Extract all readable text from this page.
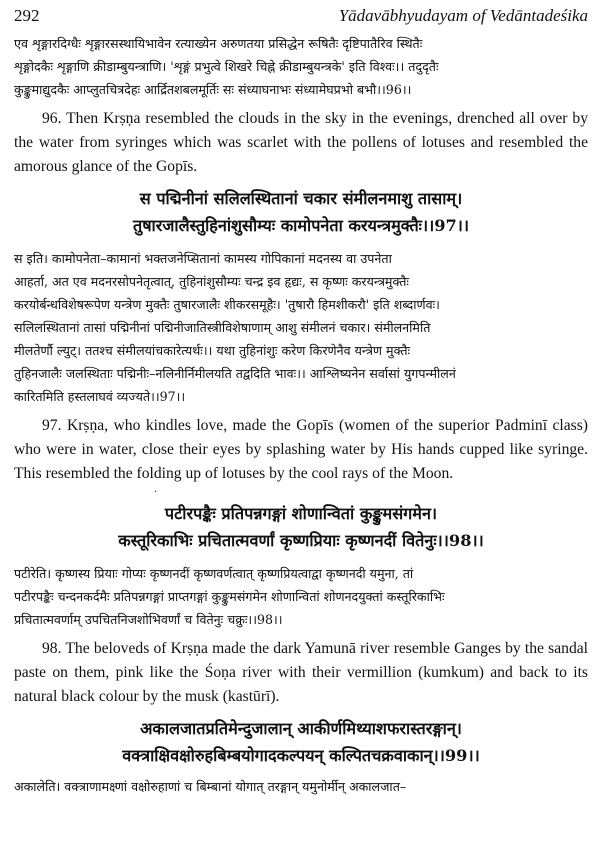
292	Yādavābhyudayam of Vedāntadeśika
एव शृङ्गारदिग्धैः शृङ्गारसस्थायिभावेन रत्याख्येन अरुणतया प्रसिद्धेन रूषितैः दृष्टिपातैरिव स्थितैः
शृङ्गोदकैः शृङ्गाणि क्रीडाम्बुयन्त्राणि। 'शृङ्गं प्रभुत्वे शिखरे चिह्ने क्रीडाम्बुयन्त्रके' इति विश्वः।। तदुदृतैः
कुङ्कुमाद्युदकैः आप्लुतचित्रदेहः आर्द्रितशबलमूर्तिः सः संध्याघनाभः संध्यामेघप्रभो बभौ।।96।।

96. Then Krṣṇa resembled the clouds in the sky in the evenings, drenched all over by the water from syringes which was scarlet with the pollens of lotuses and resembled the amorous glance of the Gopīs.

स पद्मिनीनां सलिलस्थितानां चकार संमीलनमाशु तासाम्।
तुषारजालैस्तुहिनांशुसौम्यः कामोपनेता करयन्त्रमुक्तैः।।97।।
स इति। कामोपनेता–कामानां भक्तजनेप्सितानां कामस्य गोपिकानां मदनस्य वा उपनेता
आहर्ता, अत एव मदनरसोपनेतृत्वात्, तुहिनांशुसौम्यः चन्द्र इव हृद्यः, स कृष्णः करयन्त्रमुक्तैः
करयोर्बन्धविशेषरूपेण यन्त्रेण मुक्तैः तुषारजालैः शीकरसमूहैः। 'तुषारौ हिमशीकरौ' इति शब्दार्णवः।
सलिलस्थितानां तासां पद्मिनीनां पद्मिनीजातिस्त्रीविशेषाणाम् आशु संमीलनं चकार। संमीलनमिति
मीलतेर्णौ ल्युट्। ततश्च संमीलयांचकारेत्यर्थः।। यथा तुहिनांशुः करेण किरणेनैव यन्त्रेण मुक्तैः
तुहिनजालैः जलस्थिताः पद्मिनीः–नलिनीर्निमीलयति तद्वदिति भावः।। आश्लिष्यनेन सर्वासां युगपन्मीलनं
कारितमिति हस्तलाघवं व्यज्यते।।97।।

97. Krṣṇa, who kindles love, made the Gopīs (women of the superior Padminī class) who were in water, close their eyes by splashing water by His hands cupped like syringe. This resembled the folding up of lotuses by the cool rays of the Moon.

·
पटीरपङ्कैः प्रतिपन्नगङ्गां शोणान्वितां कुङ्कुमसंगमेन।
कस्तूरिकाभिः प्रचितात्मवर्णां कृष्णप्रियाः कृष्णनदीं वितेनुः।।98।।
पटीरेति। कृष्णस्य प्रियाः गोप्यः कृष्णनदीं कृष्णवर्णत्वात् कृष्णप्रियत्वाद्वा कृष्णनदी यमुना, तां
पटीरपङ्कैः चन्दनकर्दमैः प्रतिपन्नगङ्गां प्राप्तगङ्गां कुङ्कुमसंगमेन शोणान्वितां शोणनदयुक्तां कस्तूरिकाभिः
प्रचितात्मवर्णाम् उपचितनिजशोभिवर्णां च वितेनुः चक्रुः।।98।।

98. The beloveds of Krṣṇa made the dark Yamunā river resemble Ganges by the sandal paste on them, pink like the Śoṇa river with their vermillion (kumkum) and back to its natural black colour by the musk (kastūrī).

अकालजातप्रतिमेन्दुजालान् आकीर्णमिथ्याशफरास्तरङ्गान्।
वक्त्राक्षिवक्षोरुहबिम्बयोगादकल्पयन् कल्पितचक्रवाकान्।।99।।
अकालेति। वक्त्राणामक्ष्णां वक्षोरुहाणां च बिम्बानां योगात् तरङ्गान् यमुनोर्मीन् अकालजात–
